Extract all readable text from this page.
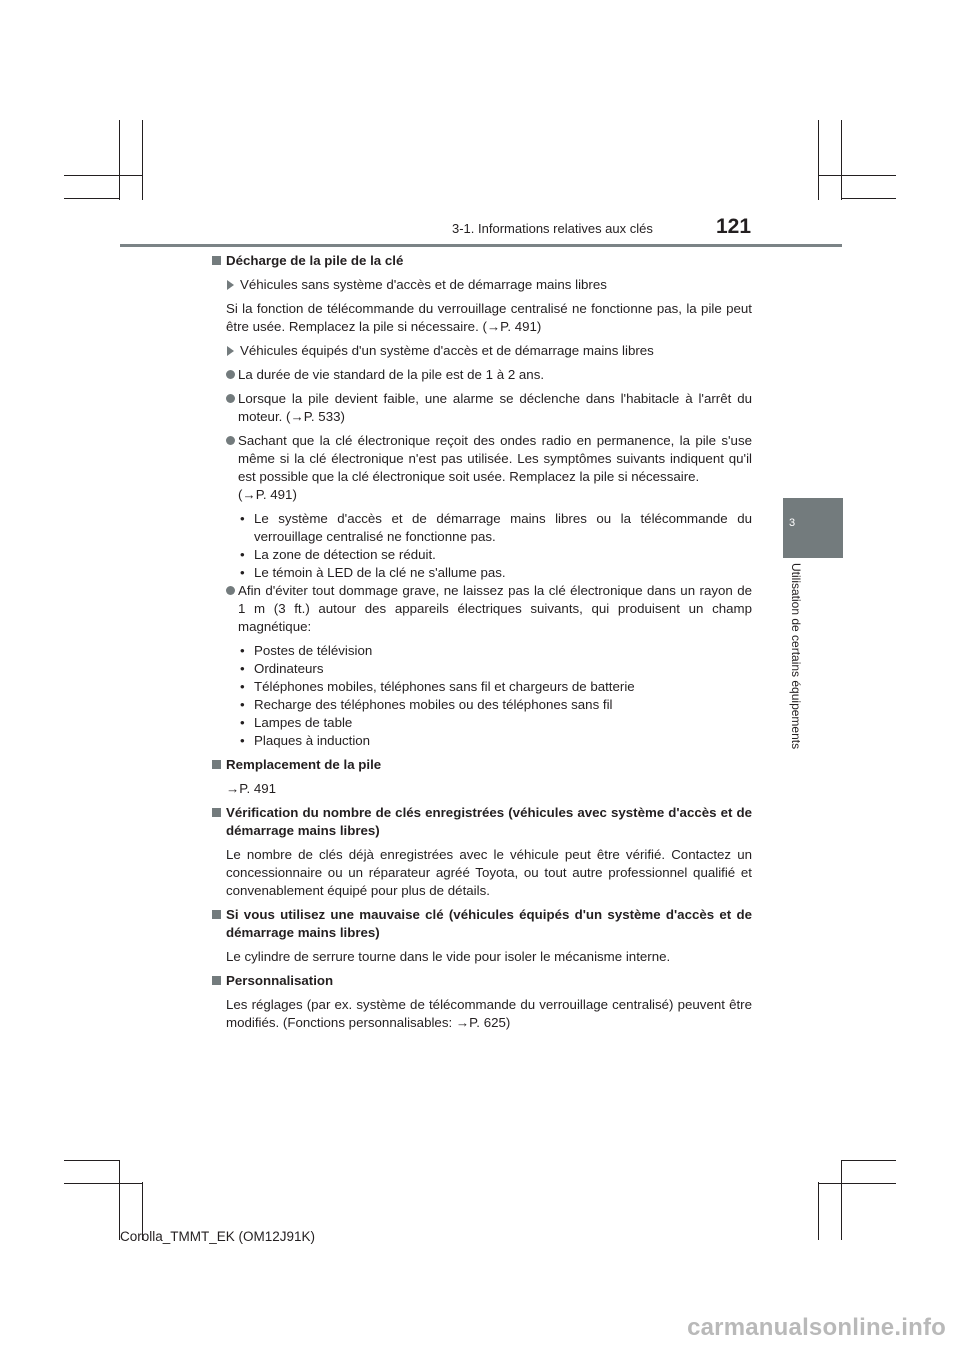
3-1. Informations relatives aux clés	121
3
Utilisation de certains équipements
Décharge de la pile de la clé
Véhicules sans système d'accès et de démarrage mains libres
Si la fonction de télécommande du verrouillage centralisé ne fonctionne pas, la pile peut être usée. Remplacez la pile si nécessaire. (→P. 491)
Véhicules équipés d'un système d'accès et de démarrage mains libres
La durée de vie standard de la pile est de 1 à 2 ans.
Lorsque la pile devient faible, une alarme se déclenche dans l'habitacle à l'arrêt du moteur. (→P. 533)
Sachant que la clé électronique reçoit des ondes radio en permanence, la pile s'use même si la clé électronique n'est pas utilisée. Les symptômes suivants indiquent qu'il est possible que la clé électronique soit usée. Remplacez la pile si nécessaire.
(→P. 491)
• Le système d'accès et de démarrage mains libres ou la télécommande du verrouillage centralisé ne fonctionne pas.
• La zone de détection se réduit.
• Le témoin à LED de la clé ne s'allume pas.
Afin d'éviter tout dommage grave, ne laissez pas la clé électronique dans un rayon de 1 m (3 ft.) autour des appareils électriques suivants, qui produisent un champ magnétique:
• Postes de télévision
• Ordinateurs
• Téléphones mobiles, téléphones sans fil et chargeurs de batterie
• Recharge des téléphones mobiles ou des téléphones sans fil
• Lampes de table
• Plaques à induction
Remplacement de la pile
→P. 491
Vérification du nombre de clés enregistrées (véhicules avec système d'accès et de démarrage mains libres)
Le nombre de clés déjà enregistrées avec le véhicule peut être vérifié. Contactez un concessionnaire ou un réparateur agréé Toyota, ou tout autre professionnel qualifié et convenablement équipé pour plus de détails.
Si vous utilisez une mauvaise clé (véhicules équipés d'un système d'accès et de démarrage mains libres)
Le cylindre de serrure tourne dans le vide pour isoler le mécanisme interne.
Personnalisation
Les réglages (par ex. système de télécommande du verrouillage centralisé) peuvent être modifiés. (Fonctions personnalisables: →P. 625)
Corolla_TMMT_EK (OM12J91K)
carmanualsonline.info
